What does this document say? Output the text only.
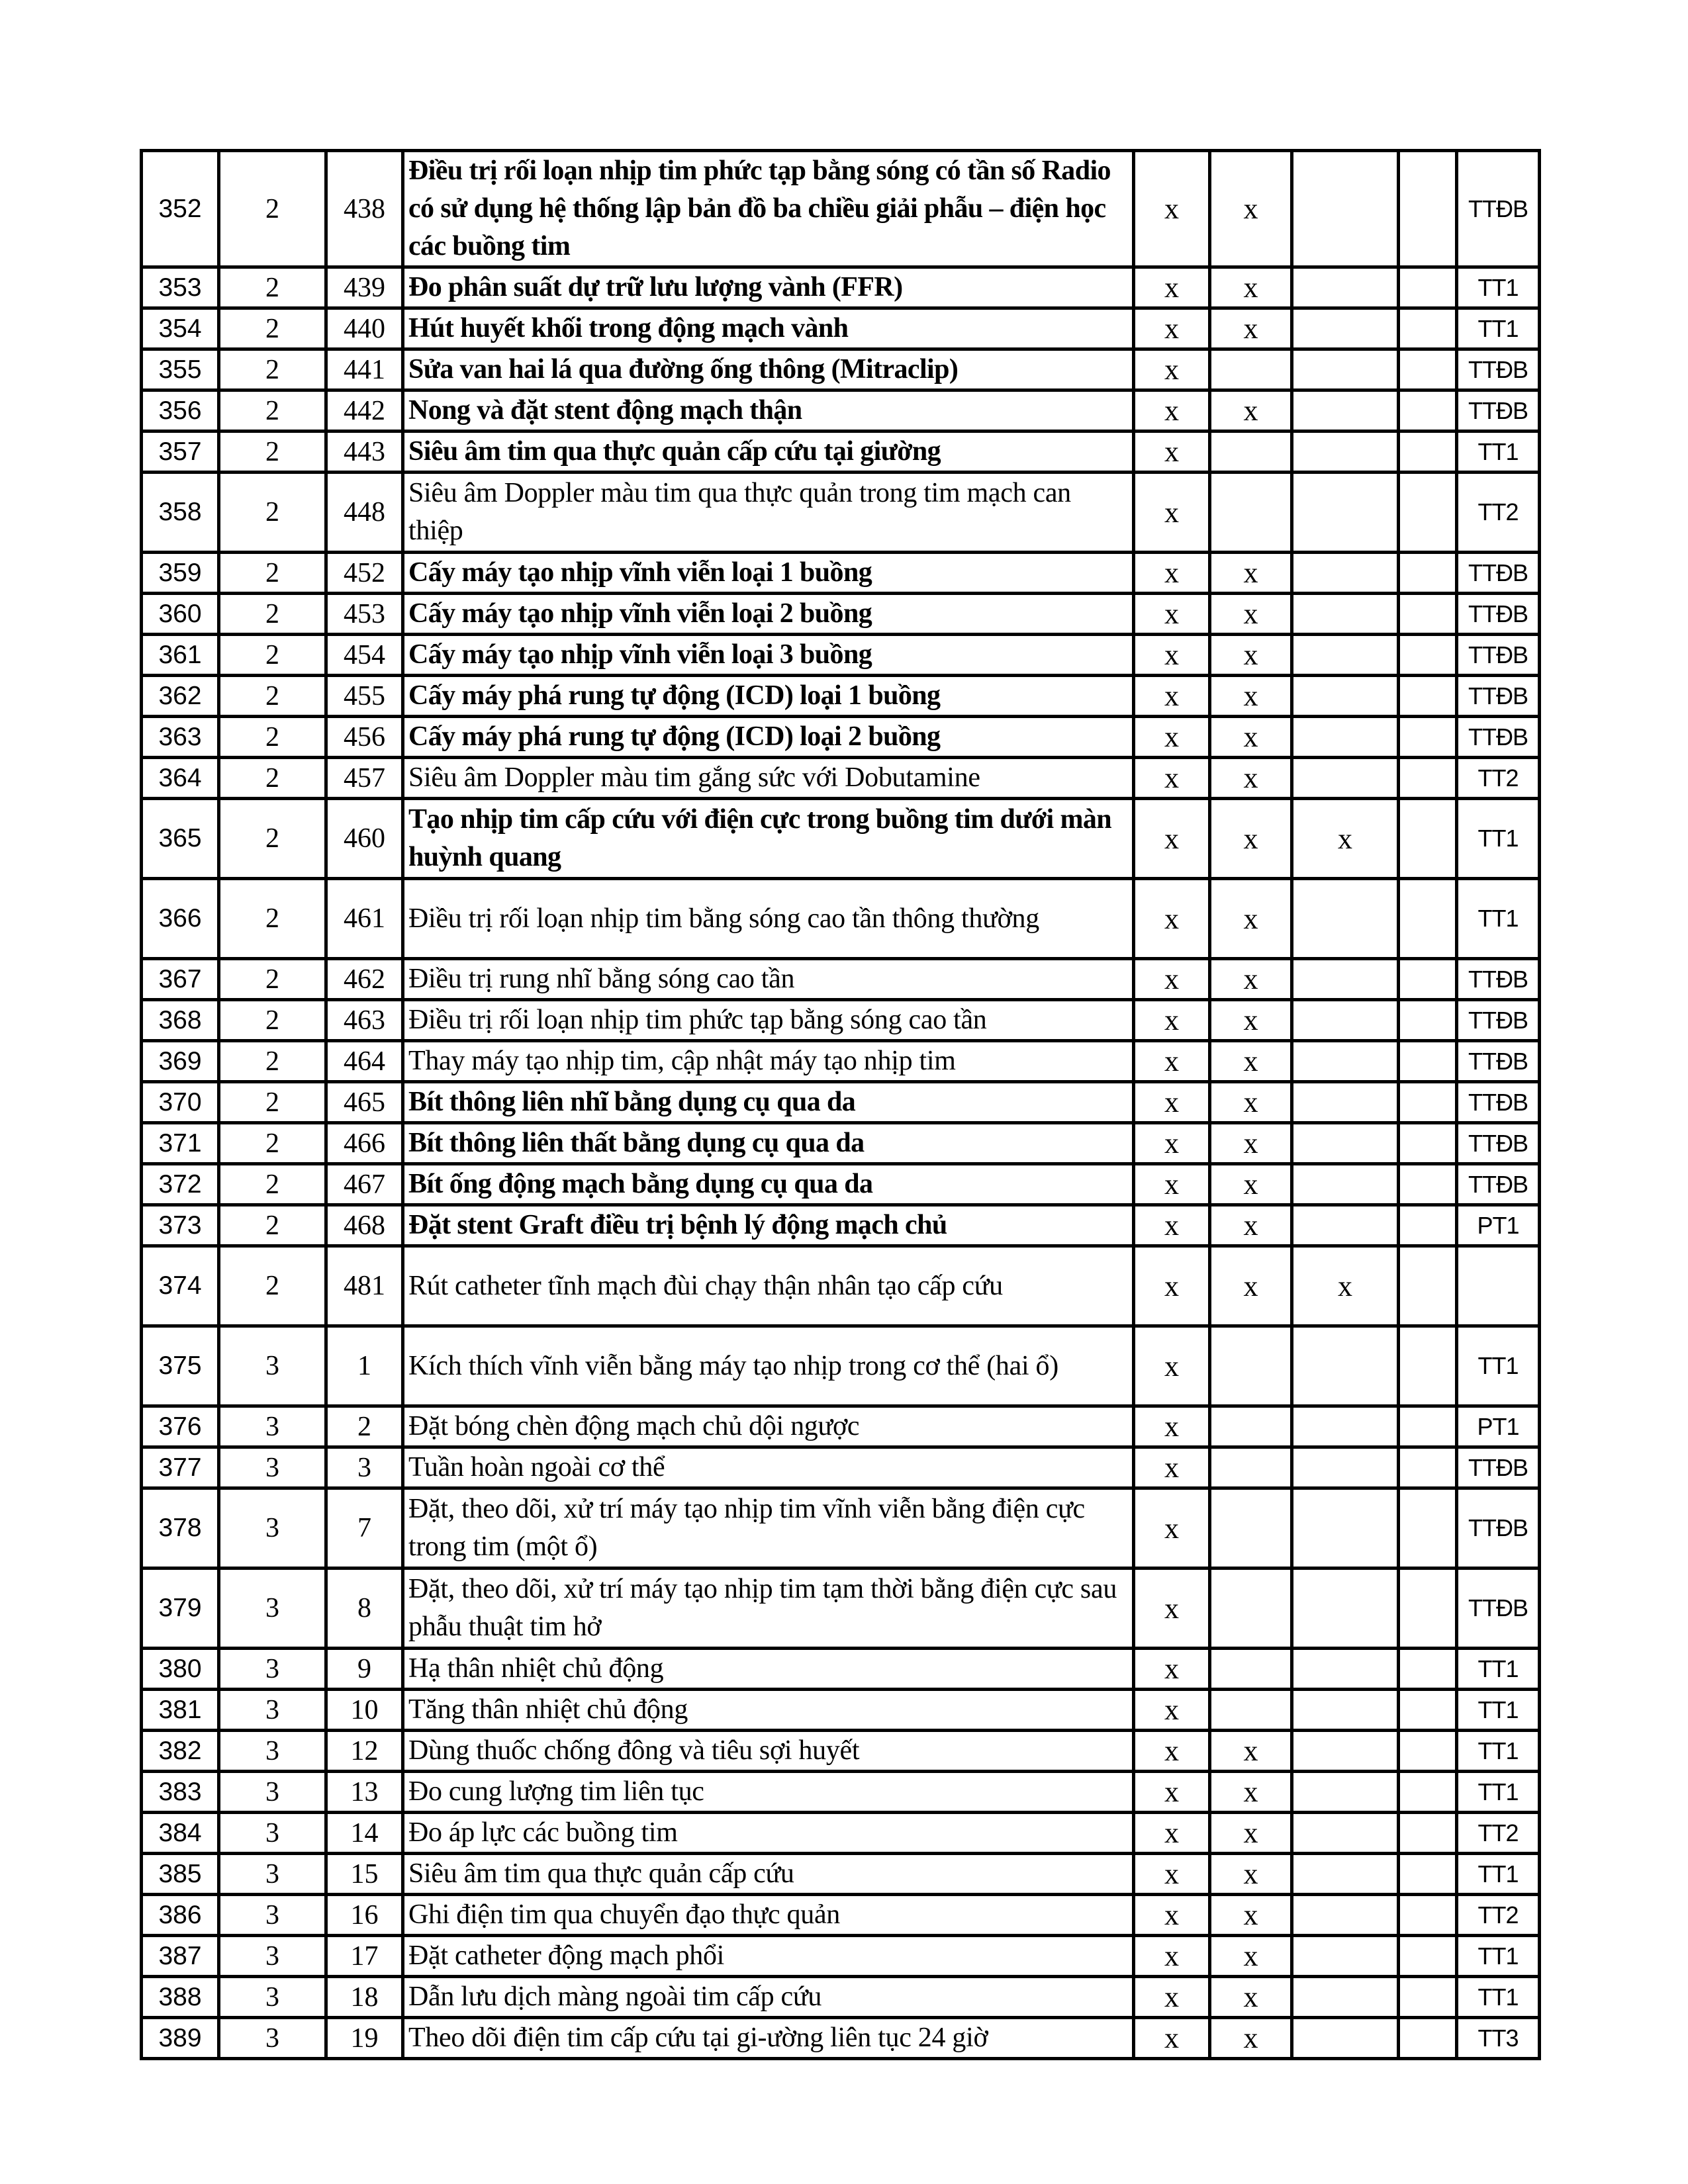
352	2	438	Điều trị rối loạn nhịp tim phức tạp bằng sóng có tần số Radio có sử dụng hệ thống lập bản đồ ba chiều giải phẫu – điện học các buồng tim	x	x			TTĐB
353	2	439	Đo phân suất dự trữ lưu lượng vành (FFR)	x	x			TT1
354	2	440	Hút huyết khối trong động mạch vành	x	x			TT1
355	2	441	Sửa van hai lá qua đường ống thông (Mitraclip)	x				TTĐB
356	2	442	Nong và đặt stent động mạch thận	x	x			TTĐB
357	2	443	Siêu âm tim qua thực quản cấp cứu tại giường	x				TT1
358	2	448	Siêu âm Doppler màu tim qua thực quản trong tim mạch can thiệp	x				TT2
359	2	452	Cấy máy tạo nhịp vĩnh viễn loại 1 buồng	x	x			TTĐB
360	2	453	Cấy máy tạo nhịp vĩnh viễn loại 2 buồng	x	x			TTĐB
361	2	454	Cấy máy tạo nhịp vĩnh viễn loại 3 buồng	x	x			TTĐB
362	2	455	Cấy máy phá rung tự động (ICD) loại 1 buồng	x	x			TTĐB
363	2	456	Cấy máy phá rung tự động (ICD) loại 2 buồng	x	x			TTĐB
364	2	457	Siêu âm Doppler màu tim gắng sức với Dobutamine	x	x			TT2
365	2	460	Tạo nhịp tim cấp cứu với điện cực trong buồng tim dưới màn huỳnh quang	x	x	x		TT1
366	2	461	Điều trị rối loạn nhịp tim bằng sóng cao tần thông thường	x	x			TT1
367	2	462	Điều trị rung nhĩ bằng sóng cao tần	x	x			TTĐB
368	2	463	Điều trị rối loạn nhịp tim phức tạp bằng sóng cao tần	x	x			TTĐB
369	2	464	Thay máy tạo nhịp tim, cập nhật máy tạo nhịp tim	x	x			TTĐB
370	2	465	Bít thông liên nhĩ bằng dụng cụ qua da	x	x			TTĐB
371	2	466	Bít thông liên thất bằng dụng cụ qua da	x	x			TTĐB
372	2	467	Bít ống động mạch bằng dụng cụ qua da	x	x			TTĐB
373	2	468	Đặt stent Graft điều trị bệnh lý động mạch chủ	x	x			PT1
374	2	481	Rút catheter tĩnh mạch đùi chạy thận nhân tạo cấp cứu	x	x	x		
375	3	1	Kích thích vĩnh viễn bằng máy tạo nhịp trong cơ thể (hai ổ)	x				TT1
376	3	2	Đặt bóng chèn động mạch chủ dội ngược	x				PT1
377	3	3	Tuần hoàn ngoài cơ thể	x				TTĐB
378	3	7	Đặt, theo dõi, xử trí máy tạo nhịp tim vĩnh viễn bằng điện cực trong tim (một ổ)	x				TTĐB
379	3	8	Đặt, theo dõi, xử trí máy tạo nhịp tim tạm thời bằng điện cực sau phẫu thuật tim hở	x				TTĐB
380	3	9	Hạ thân nhiệt chủ động	x				TT1
381	3	10	Tăng thân nhiệt chủ động	x				TT1
382	3	12	Dùng thuốc chống đông và tiêu sợi huyết	x	x			TT1
383	3	13	Đo cung lượng tim liên tục	x	x			TT1
384	3	14	Đo áp lực các buồng tim	x	x			TT2
385	3	15	Siêu âm tim qua thực quản cấp cứu	x	x			TT1
386	3	16	Ghi điện tim qua chuyển đạo thực quản	x	x			TT2
387	3	17	Đặt catheter động mạch phổi	x	x			TT1
388	3	18	Dẫn lưu dịch màng ngoài tim cấp cứu	x	x			TT1
389	3	19	Theo dõi điện tim cấp cứu tại gi-ường liên tục 24 giờ	x	x			TT3
